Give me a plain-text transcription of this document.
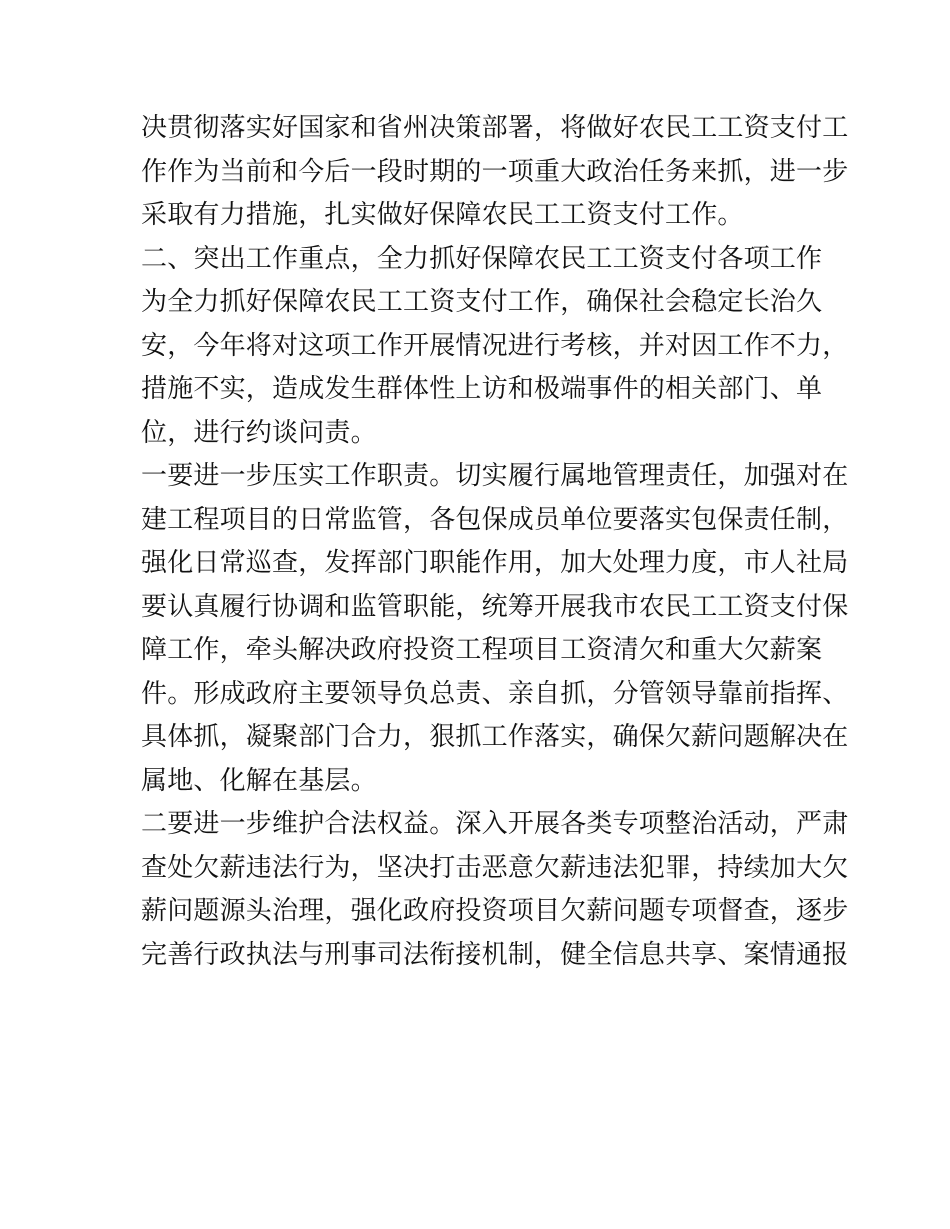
决贯彻落实好国家和省州决策部署，将做好农民工工资支付工
作作为当前和今后一段时期的一项重大政治任务来抓，进一步
采取有力措施，扎实做好保障农民工工资支付工作。
二、突出工作重点，全力抓好保障农民工工资支付各项工作
为全力抓好保障农民工工资支付工作，确保社会稳定长治久
安，今年将对这项工作开展情况进行考核，并对因工作不力，
措施不实，造成发生群体性上访和极端事件的相关部门、单
位，进行约谈问责。
一要进一步压实工作职责。切实履行属地管理责任，加强对在
建工程项目的日常监管，各包保成员单位要落实包保责任制，
强化日常巡查，发挥部门职能作用，加大处理力度，市人社局
要认真履行协调和监管职能，统筹开展我市农民工工资支付保
障工作，牵头解决政府投资工程项目工资清欠和重大欠薪案
件。形成政府主要领导负总责、亲自抓，分管领导靠前指挥、
具体抓，凝聚部门合力，狠抓工作落实，确保欠薪问题解决在
属地、化解在基层。
二要进一步维护合法权益。深入开展各类专项整治活动，严肃
查处欠薪违法行为，坚决打击恶意欠薪违法犯罪，持续加大欠
薪问题源头治理，强化政府投资项目欠薪问题专项督查，逐步
完善行政执法与刑事司法衔接机制，健全信息共享、案情通报
